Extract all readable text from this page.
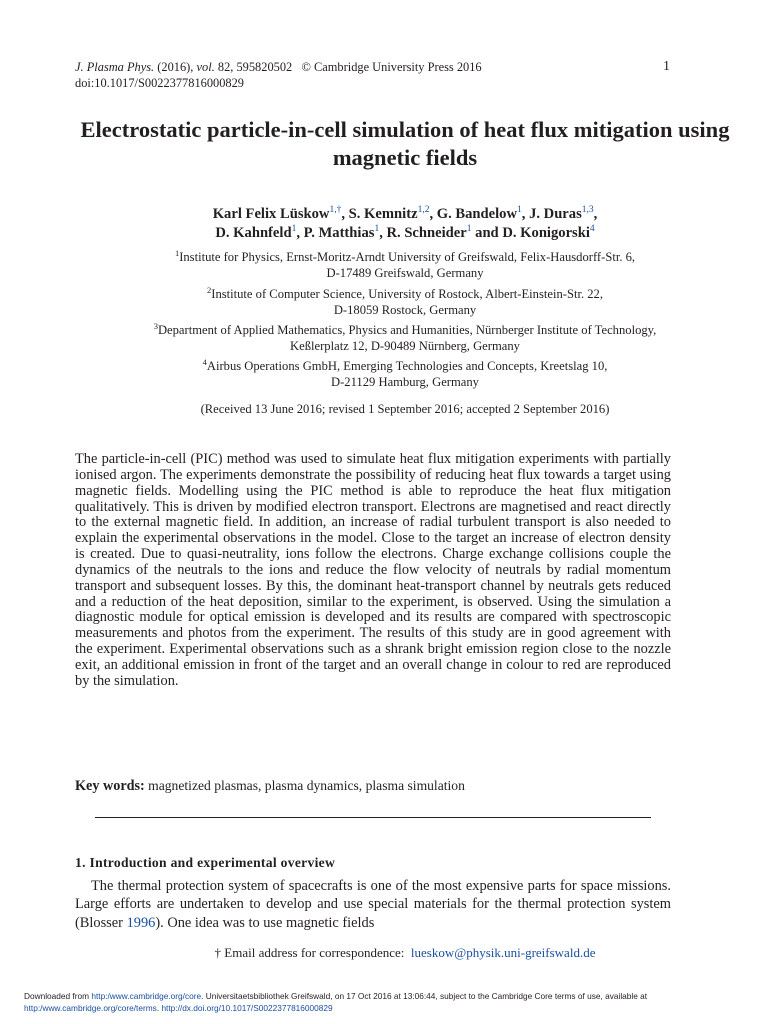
J. Plasma Phys. (2016), vol. 82, 595820502 © Cambridge University Press 2016
doi:10.1017/S0022377816000829
1
Electrostatic particle-in-cell simulation of heat flux mitigation using magnetic fields
Karl Felix Lüskow$^{1,\dagger}$, S. Kemnitz$^{1,2}$, G. Bandelow$^1$, J. Duras$^{1,3}$,
D. Kahnfeld$^1$, P. Matthias$^1$, R. Schneider$^1$ and D. Konigorski$^4$
$^1$Institute for Physics, Ernst-Moritz-Arndt University of Greifswald, Felix-Hausdorff-Str. 6,
D-17489 Greifswald, Germany
$^2$Institute of Computer Science, University of Rostock, Albert-Einstein-Str. 22,
D-18059 Rostock, Germany
$^3$Department of Applied Mathematics, Physics and Humanities, Nürnberger Institute of Technology,
Keßlerplatz 12, D-90489 Nürnberg, Germany
$^4$Airbus Operations GmbH, Emerging Technologies and Concepts, Kreetslag 10,
D-21129 Hamburg, Germany
(Received 13 June 2016; revised 1 September 2016; accepted 2 September 2016)

The particle-in-cell (PIC) method was used to simulate heat flux mitigation experiments with partially ionised argon. The experiments demonstrate the possibility of reducing heat flux towards a target using magnetic fields. Modelling using the PIC method is able to reproduce the heat flux mitigation qualitatively. This is driven by modified electron transport. Electrons are magnetised and react directly to the external magnetic field. In addition, an increase of radial turbulent transport is also needed to explain the experimental observations in the model. Close to the target an increase of electron density is created. Due to quasi-neutrality, ions follow the electrons. Charge exchange collisions couple the dynamics of the neutrals to the ions and reduce the flow velocity of neutrals by radial momentum transport and subsequent losses. By this, the dominant heat-transport channel by neutrals gets reduced and a reduction of the heat deposition, similar to the experiment, is observed. Using the simulation a diagnostic module for optical emission is developed and its results are compared with spectroscopic measurements and photos from the experiment. The results of this study are in good agreement with the experiment. Experimental observations such as a shrank bright emission region close to the nozzle exit, an additional emission in front of the target and an overall change in colour to red are reproduced by the simulation.

Key words: magnetized plasmas, plasma dynamics, plasma simulation
1. Introduction and experimental overview

The thermal protection system of spacecrafts is one of the most expensive parts for space missions. Large efforts are undertaken to develop and use special materials for the thermal protection system (Blosser 1996). One idea was to use magnetic fields

† Email address for correspondence: lueskow@physik.uni-greifswald.de
Downloaded from http:/www.cambridge.org/core. Universitaetsbibliothek Greifswald, on 17 Oct 2016 at 13:06:44, subject to the Cambridge Core terms of use, available at http:/www.cambridge.org/core/terms. http://dx.doi.org/10.1017/S0022377816000829
